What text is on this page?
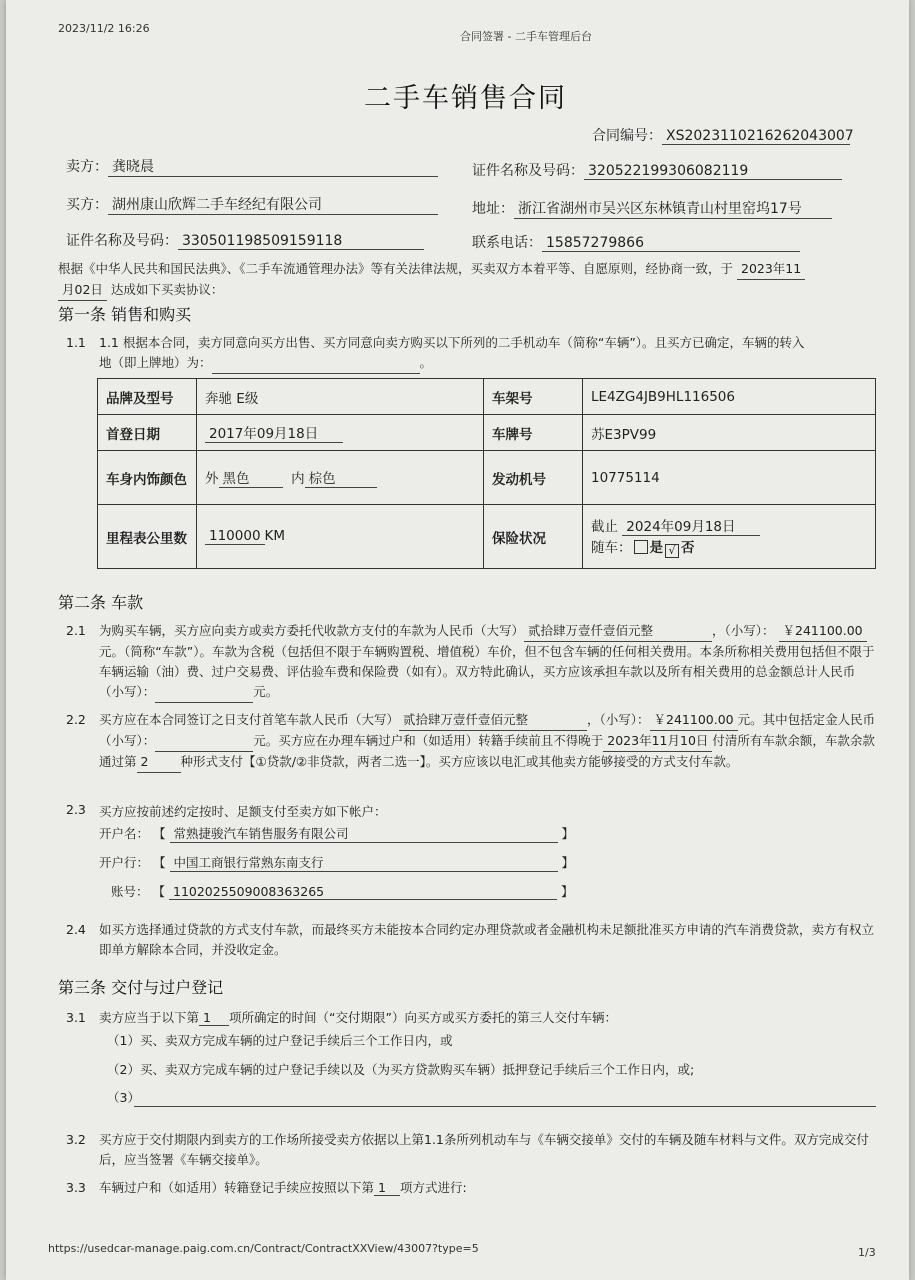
2023/11/2 16:26
合同签署 - 二手车管理后台
二手车销售合同
合同编号： XS2023110216262043007
卖方： 龚晓晨	证件名称及号码： 320522199306082119
买方： 湖州康山欣辉二手车经纪有限公司	地址： 浙江省湖州市吴兴区东林镇青山村里窑坞17号
证件名称及号码： 330501198509159118	联系电话： 15857279866
根据《中华人民共和国民法典》、《二手车流通管理办法》等有关法律法规，买卖双方本着平等、自愿原则，经协商一致，于 2023年11
月02日 达成如下买卖协议：
第一条 销售和购买
1.1 1.1 根据本合同，卖方同意向买方出售、买方同意向卖方购买以下所列的二手机动车（简称“车辆”）。且买方已确定，车辆的转入
地（即上牌地）为：	。
品牌及型号	奔驰 E级	车架号	LE4ZG4JB9HL116506
首登日期	2017年09月18日	车牌号	苏E3PV99
车身内饰颜色	外 黑色 内 棕色	发动机号	10775114
里程表公里数	110000 KM	保险状况	截止 2024年09月18日
随车： 是 √ 否
第二条 车款
2.1 为购买车辆，买方应向卖方或卖方委托代收款方支付的车款为人民币（大写） 贰拾肆万壹仟壹佰元整	，（小写）： ￥241100.00元。（简称“车款”）。车款为含税（包括但不限于车辆购置税、增值税）车价，但不包含车辆的任何相关费用。本条所称相关费用包括但不限于车辆运输（油）费、过户交易费、评估验车费和保险费（如有）。双方特此确认，买方应该承担车款以及所有相关费用的总金额总计人民币（小写）：	元。
2.2 买方应在本合同签订之日支付首笔车款人民币（大写） 贰拾肆万壹仟壹佰元整	，（小写）： ￥241100.00 元。其中包括定金人民币（小写）：	元。买方应在办理车辆过户和（如适用）转籍手续前且不得晚于 2023年11月10日 付清所有车款余额，车款余款通过第 2	种形式支付【①贷款/②非贷款，两者二选一】。买方应该以电汇或其他卖方能够接受的方式支付车款。
2.3 买方应按前述约定按时、足额支付至卖方如下帐户：
开户名： 【 常熟捷骏汽车销售服务有限公司	】
开户行： 【 中国工商银行常熟东南支行	】
账号： 【 1102025509008363265	】
2.4 如买方选择通过贷款的方式支付车款，而最终买方未能按本合同约定办理贷款或者金融机构未足额批准买方申请的汽车消费贷款，卖方有权立即单方解除本合同，并没收定金。
第三条 交付与过户登记
3.1 卖方应当于以下第 1 项所确定的时间（“交付期限”）向买方或买方委托的第三人交付车辆：
（1）买、卖双方完成车辆的过户登记手续后三个工作日内，或
（2）买、卖双方完成车辆的过户登记手续以及（为买方贷款购买车辆）抵押登记手续后三个工作日内，或;
（3）
3.2 买方应于交付期限内到卖方的工作场所接受卖方依据以上第1.1条所列机动车与《车辆交接单》交付的车辆及随车材料与文件。双方完成交付后，应当签署《车辆交接单》。
3.3 车辆过户和（如适用）转籍登记手续应按照以下第 1 项方式进行:
https://usedcar-manage.paig.com.cn/Contract/ContractXXView/43007?type=5	1/3
